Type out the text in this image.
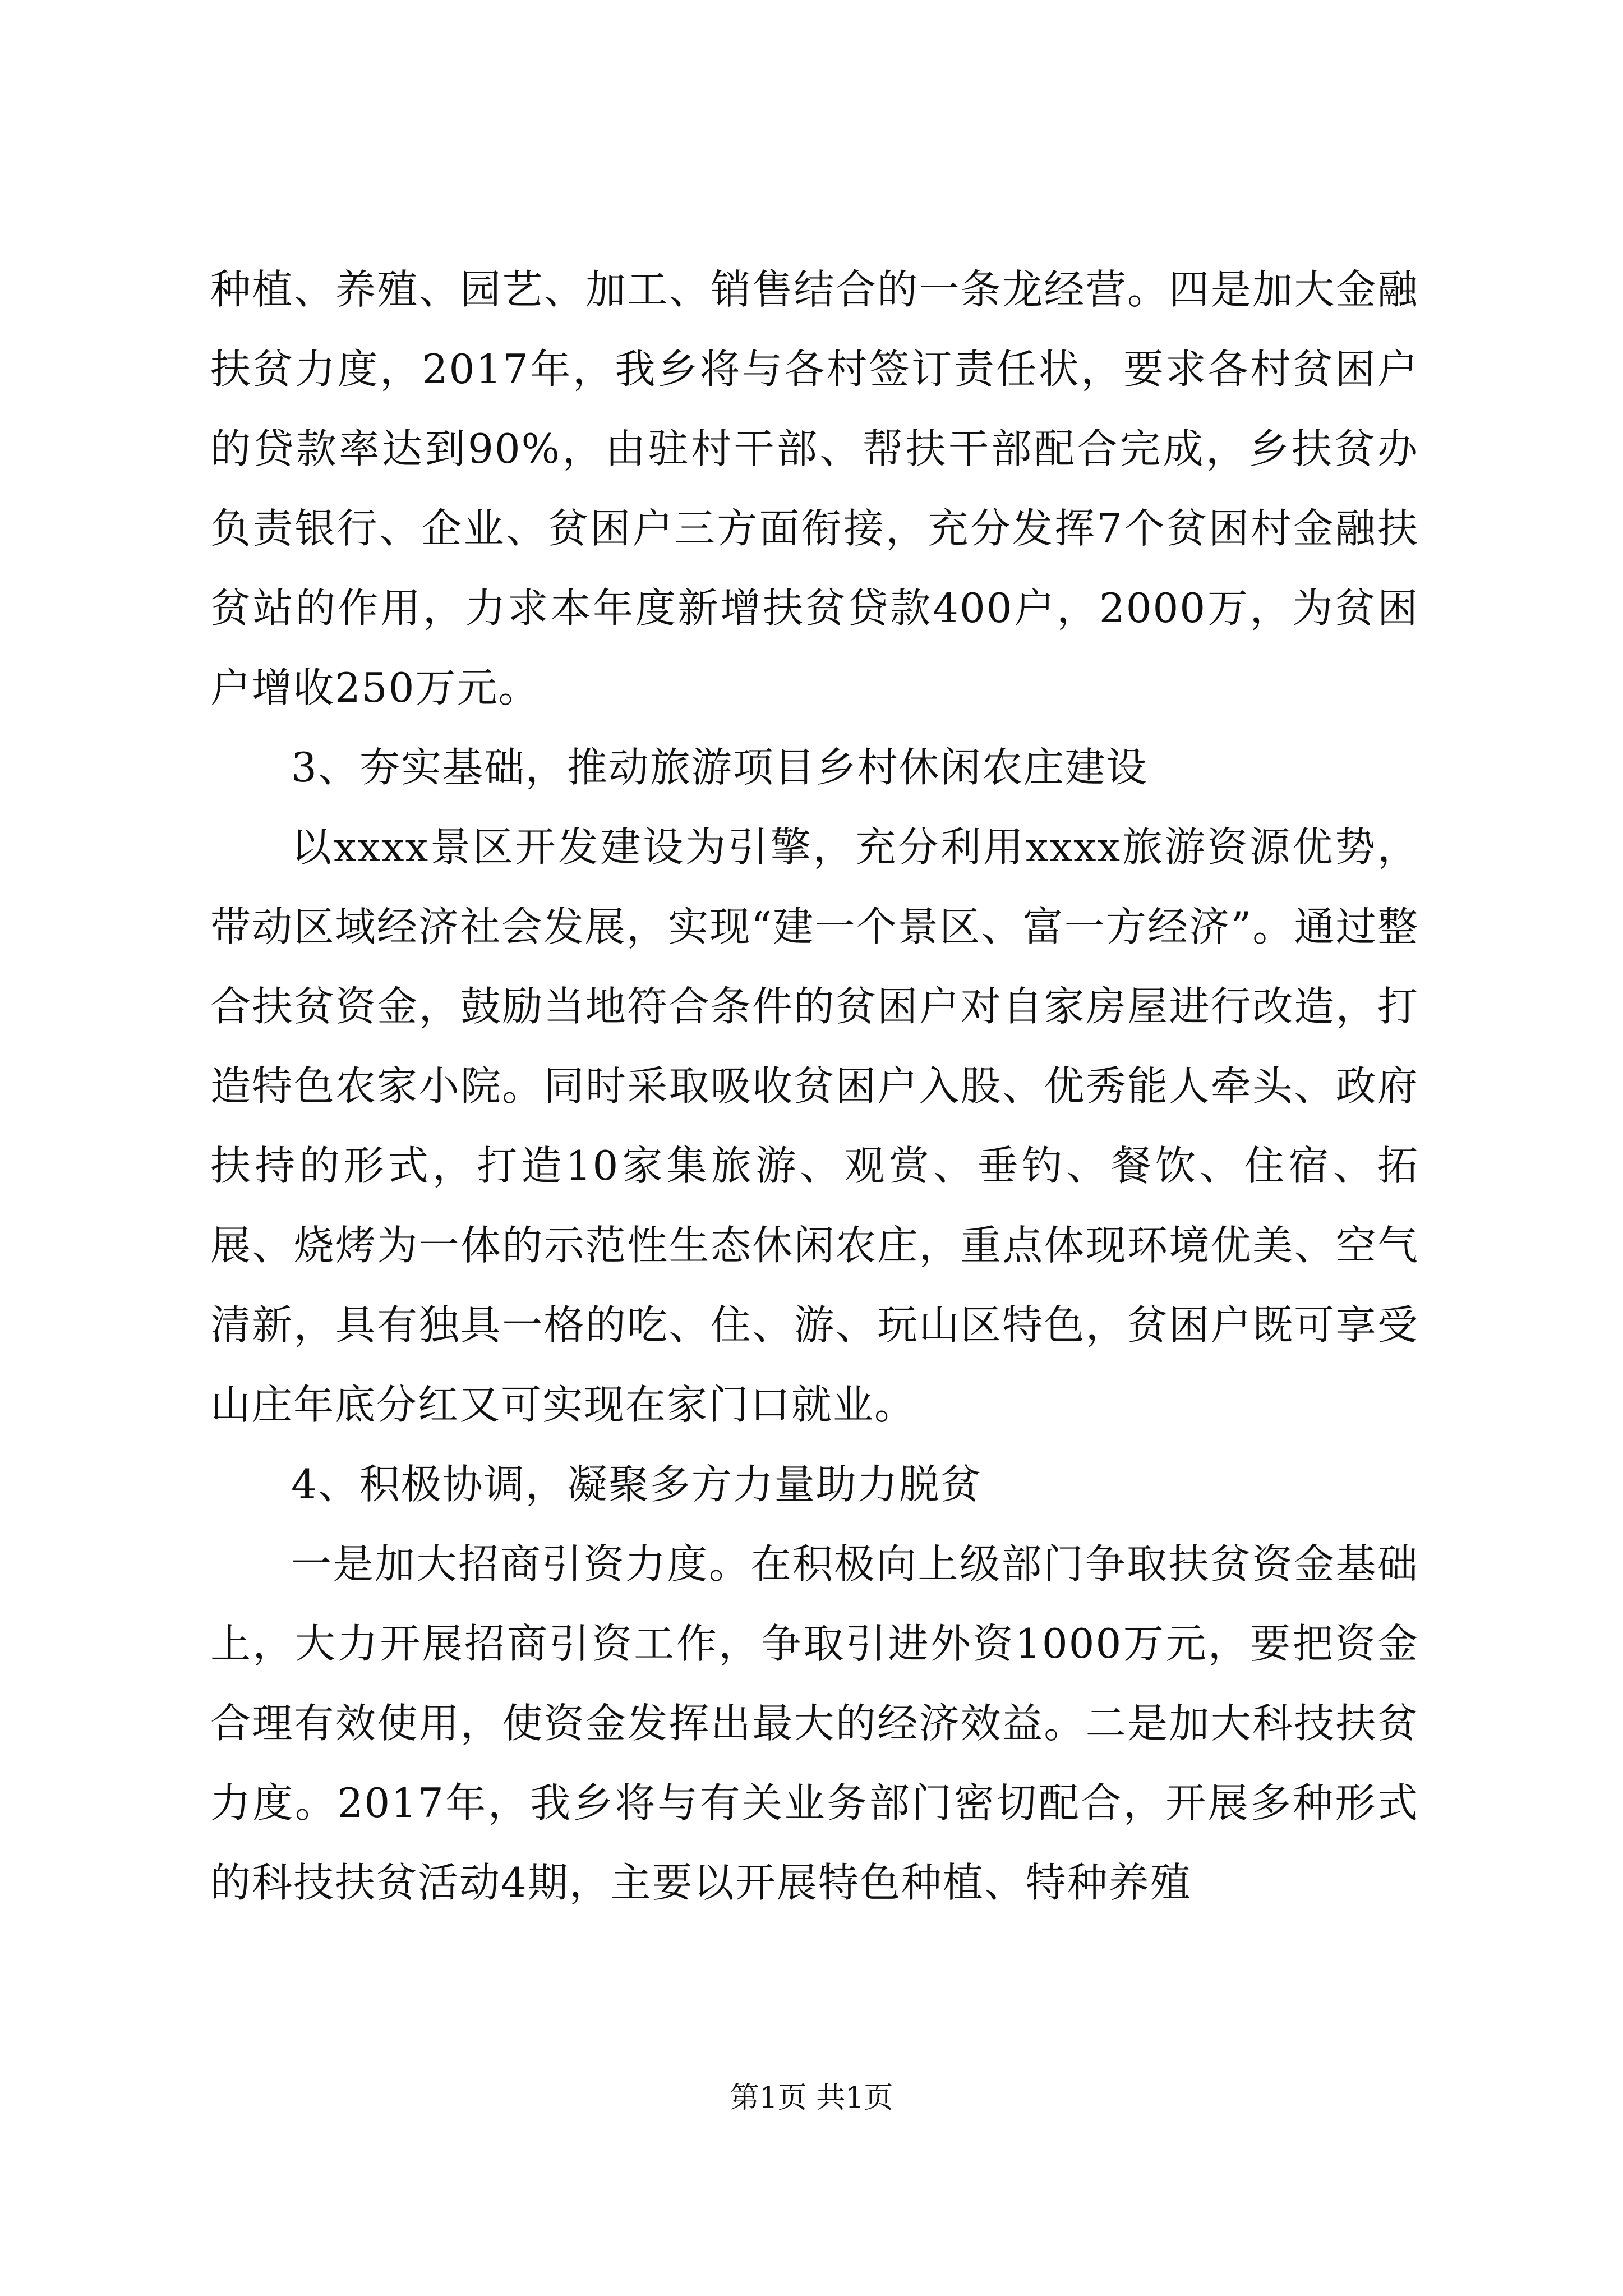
种植、养殖、园艺、加工、销售结合的一条龙经营。四是加大金融扶贫力度，2017年，我乡将与各村签订责任状，要求各村贫困户的贷款率达到90%，由驻村干部、帮扶干部配合完成，乡扶贫办负责银行、企业、贫困户三方面衔接，充分发挥7个贫困村金融扶贫站的作用，力求本年度新增扶贫贷款400户，2000万，为贫困户增收250万元。

3、夯实基础，推动旅游项目乡村休闲农庄建设

以xxxx景区开发建设为引擎，充分利用xxxx旅游资源优势，带动区域经济社会发展，实现“建一个景区、富一方经济”。通过整合扶贫资金，鼓励当地符合条件的贫困户对自家房屋进行改造，打造特色农家小院。同时采取吸收贫困户入股、优秀能人牵头、政府扶持的形式，打造10家集旅游、观赏、垂钓、餐饮、住宿、拓展、烧烤为一体的示范性生态休闲农庄，重点体现环境优美、空气清新，具有独具一格的吃、住、游、玩山区特色，贫困户既可享受山庄年底分红又可实现在家门口就业。

4、积极协调，凝聚多方力量助力脱贫

一是加大招商引资力度。在积极向上级部门争取扶贫资金基础上，大力开展招商引资工作，争取引进外资1000万元，要把资金合理有效使用，使资金发挥出最大的经济效益。二是加大科技扶贫力度。2017年，我乡将与有关业务部门密切配合，开展多种形式的科技扶贫活动4期，主要以开展特色种植、特种养殖

第1页 共1页
